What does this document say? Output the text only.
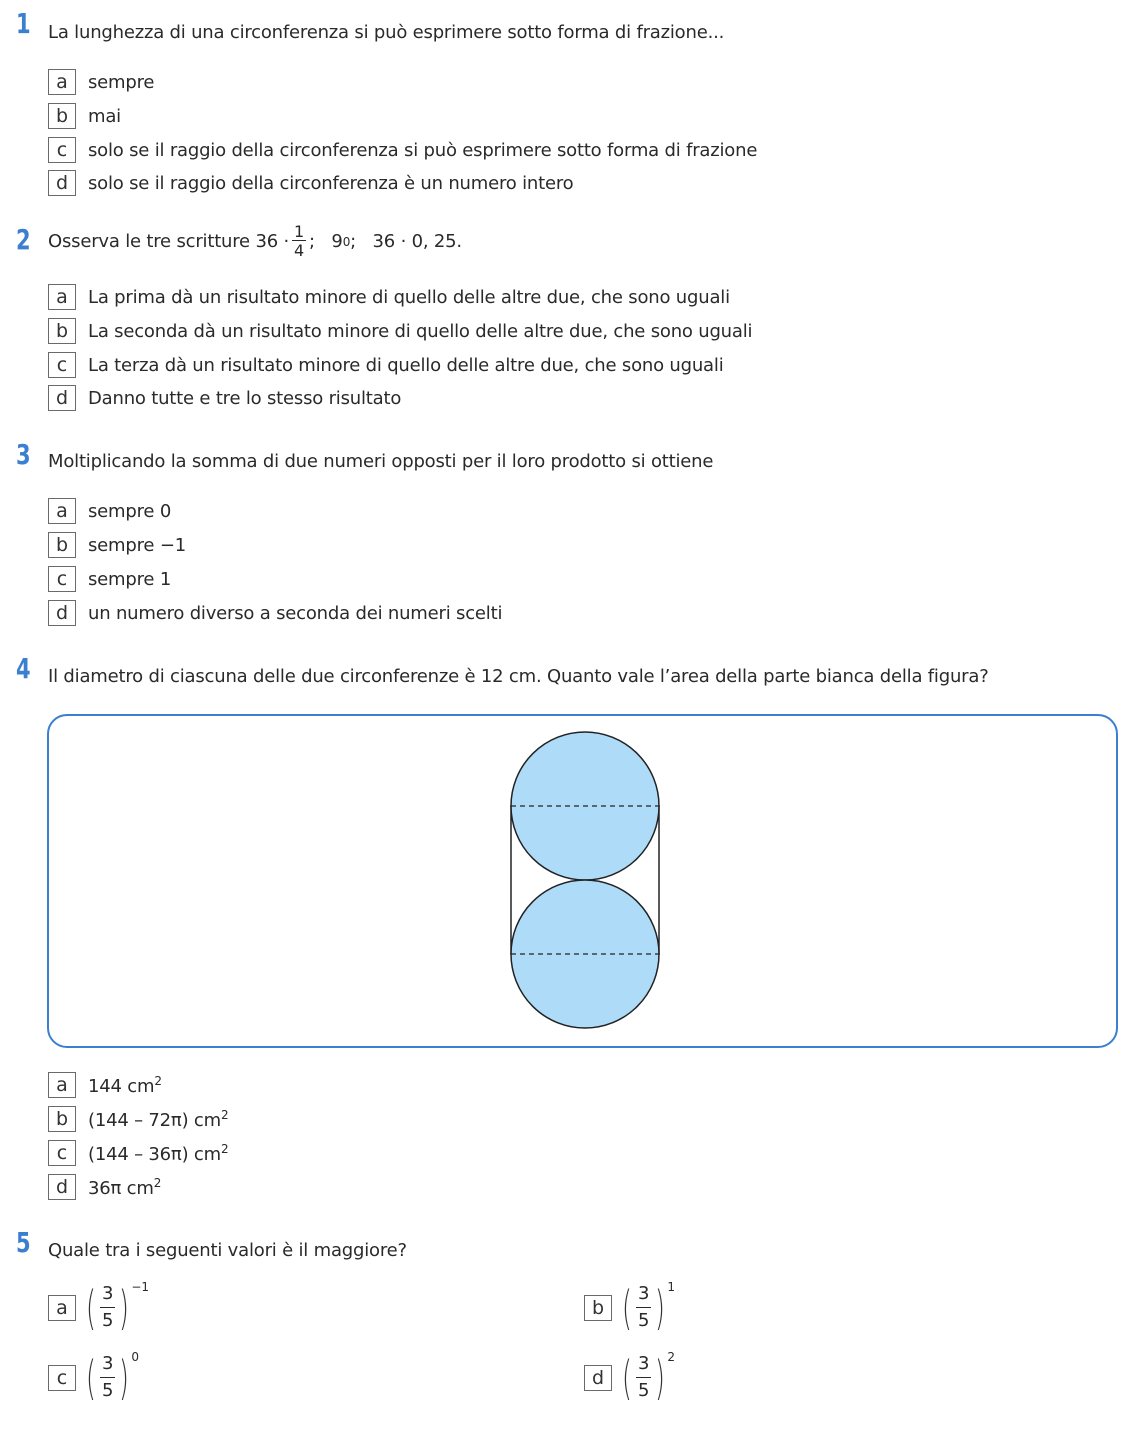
1 La lunghezza di una circonferenza si può esprimere sotto forma di frazione...
a	sempre
b	mai
c	solo se il raggio della circonferenza si può esprimere sotto forma di frazione
d	solo se il raggio della circonferenza è un numero intero
2 Osserva le tre scritture $36 \cdot \frac{1}{4}$ ;   9 0 ;   36 · 0, 25.
a	La prima dà un risultato minore di quello delle altre due, che sono uguali
b	La seconda dà un risultato minore di quello delle altre due, che sono uguali
c	La terza dà un risultato minore di quello delle altre due, che sono uguali
d	Danno tutte e tre lo stesso risultato
3 Moltiplicando la somma di due numeri opposti per il loro prodotto si ottiene
a	sempre 0
b	sempre −1
c	sempre 1
d	un numero diverso a seconda dei numeri scelti
4 Il diametro di ciascuna delle due circonferenze è 12 cm. Quanto vale l’area della parte bianca della figura?
a	144 $cm^2$
b	(144 – 72π) $cm^2$
c	(144 – 36π) $cm^2$
d	36π $cm^2$
5 Quale tra i seguenti valori è il maggiore?
a ( $\frac{3}{5}$ ) −1
b ( $\frac{3}{5}$ ) 1
c ( $\frac{3}{5}$ ) 0
d ( $\frac{3}{5}$ ) 2
